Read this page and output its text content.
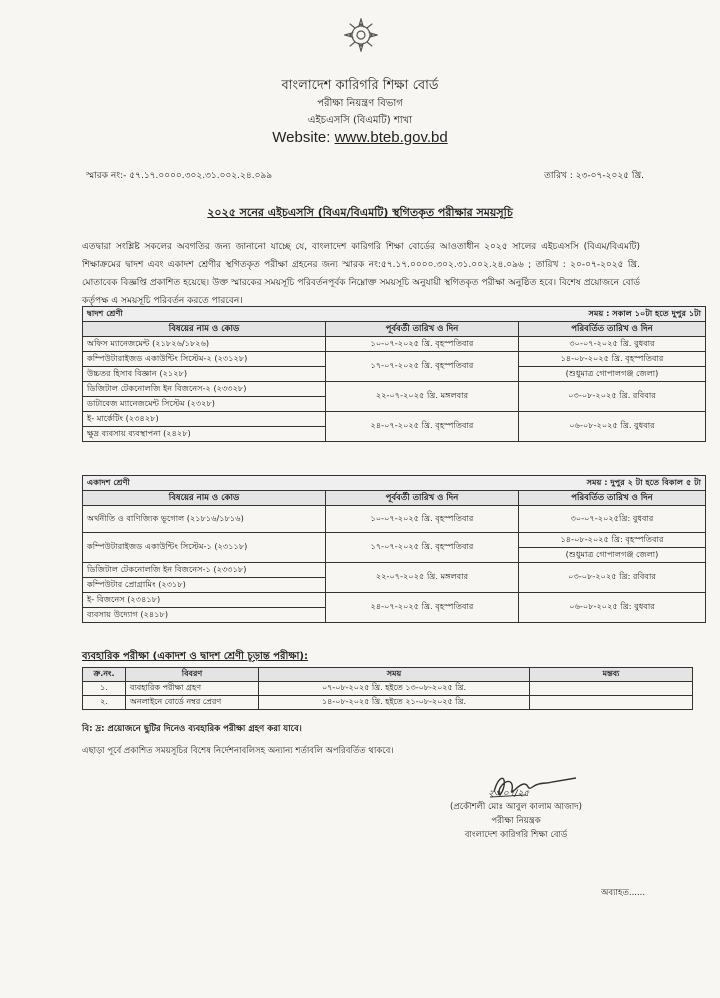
বাংলাদেশ কারিগরি শিক্ষা বোর্ড
পরীক্ষা নিয়ন্ত্রণ বিভাগ
এইচএসসি (বিএমটি) শাখা
Website: www.bteb.gov.bd
স্মারক নং:- ৫৭.১৭.০০০০.৩০২.৩১.০০২.২৪.০৯৯	তারিখ : ২৩-০৭-২০২৫ খ্রি.
২০২৫ সনের এইচএসসি (বিএম/বিএমটি) স্থগিতকৃত পরীক্ষার সময়সূচি
এতদ্বারা সংশ্লিষ্ট সকলের অবগতির জন্য জানানো যাচ্ছে যে, বাংলাদেশ কারিগরি শিক্ষা বোর্ডের আওতাধীন ২০২৫ সালের এইচএসসি (বিএম/বিএমটি) শিক্ষাক্রমের দ্বাদশ এবং একাদশ শ্রেণীর স্থগিতকৃত পরীক্ষা গ্রহনের জন্য স্মারক নং:৫৭.১৭.০০০০.৩০২.৩১.০০২.২৪.০৯৬ ; তারিখ : ২০-০৭-২০২৫ খ্রি. মোতাবেক বিজ্ঞপ্তি প্রকাশিত হয়েছে। উক্ত স্মারকের সময়সূচি পরিবর্তনপূর্বক নিম্নোক্ত সময়সূচি অনুযায়ী স্থগিতকৃত পরীক্ষা অনুষ্ঠিত হবে। বিশেষ প্রয়োজনে বোর্ড কর্তৃপক্ষ এ সময়সূচি পরিবর্তন করতে পারবেন।
দ্বাদশ শ্রেণী		সময় : সকাল ১০টা হতে দুপুর ১টা
বিষয়ের নাম ও কোড	পূর্ববর্তী তারিখ ও দিন	পরিবর্তিত তারিখ ও দিন
অফিস ম্যানেজমেন্ট (২১৮২৬/১৮২৬)	১০-০৭-২০২৫ খ্রি. বৃহস্পতিবার	৩০-০৭-২০২৫ খ্রি. বুধবার
কম্পিউটারাইজড একাউন্টিং সিস্টেম-২ (২৩১২৮)	১৭-০৭-২০২৫ খ্রি. বৃহস্পতিবার	১৪-০৮-২০২৫ খ্রি. বৃহস্পতিবার
উচ্চতর হিসাব বিজ্ঞান (২১২৮)		(শুধুমাত্র গোপালগঞ্জ জেলা)
ডিজিটাল টেকনোলজি ইন বিজনেস-২ (২৩৩২৮)	২২-০৭-২০২৫ খ্রি. মঙ্গলবার	০৩-০৮-২০২৫ খ্রি. রবিবার
ডাটাবেজ ম্যানেজমেন্ট সিস্টেম (২৩২৮)		
ই- মার্কেটিং (২৩৪২৮)	২৪-০৭-২০২৫ খ্রি. বৃহস্পতিবার	০৬-০৮-২০২৫ খ্রি. বুধবার
ক্ষুদ্র ব্যবসায় ব্যবস্থাপনা (২৪২৮)		
একাদশ শ্রেণী		সময় : দুপুর ২ টা হতে বিকাল ৫ টা
বিষয়ের নাম ও কোড	পূর্ববর্তী তারিখ ও দিন	পরিবর্তিত তারিখ ও দিন
অর্থনীতি ও বাণিজ্যিক ভূগোল (২১৮১৬/১৮১৬)	১০-০৭-২০২৫ খ্রি. বৃহস্পতিবার	৩০-০৭-২০২৫খ্রি: বুধবার
কম্পিউটারাইজড একাউন্টিং সিস্টেম-১ (২৩১১৮)	১৭-০৭-২০২৫ খ্রি. বৃহস্পতিবার	১৪-০৮-২০২৫ খ্রি: বৃহস্পতিবার
		(শুধুমাত্র গোপালগঞ্জ জেলা)
ডিজিটাল টেকনোলজি ইন বিজনেস-১ (২৩৩১৮)	২২-০৭-২০২৫ খ্রি. মঙ্গলবার	০৩-০৮-২০২৫ খ্রি: রবিবার
কম্পিউটার প্রোগ্রামিং (২৩১৮)		
ই- বিজনেস (২৩৪১৮)	২৪-০৭-২০২৫ খ্রি. বৃহস্পতিবার	০৬-০৮-২০২৫ খ্রি: বুধবার
ব্যবসায় উদ্যোগ (২৪১৮)		
ব্যবহারিক পরীক্ষা (একাদশ ও দ্বাদশ শ্রেণী চূড়ান্ত পরীক্ষা):
ক্র.নং.	বিবরণ	সময়	মন্তব্য
১.	ব্যবহারিক পরীক্ষা গ্রহণ	০৭-০৮-২০২৫ খ্রি. হইতে ১৩-০৮-২০২৫ খ্রি.	
২.	অনলাইনে বোর্ডে নম্বর প্রেরণ	১৪-০৮-২০২৫ খ্রি. হইতে ২১-০৮-২০২৫ খ্রি.	
বি: দ্র: প্রয়োজনে ছুটির দিনেও ব্যবহারিক পরীক্ষা গ্রহণ করা যাবে।
এছাড়া পূর্বে প্রকাশিত সময়সূচির বিশেষ নির্দেশনাবলিসহ অন্যান্য শর্তাবলি অপরিবর্তিত থাকবে।
২৩/০৭/২৫
(প্রকৌশলী মোঃ আবুল কালাম আজাদ)
পরীক্ষা নিয়ন্ত্রক
বাংলাদেশ কারিগরি শিক্ষা বোর্ড
অব্যাহত......
